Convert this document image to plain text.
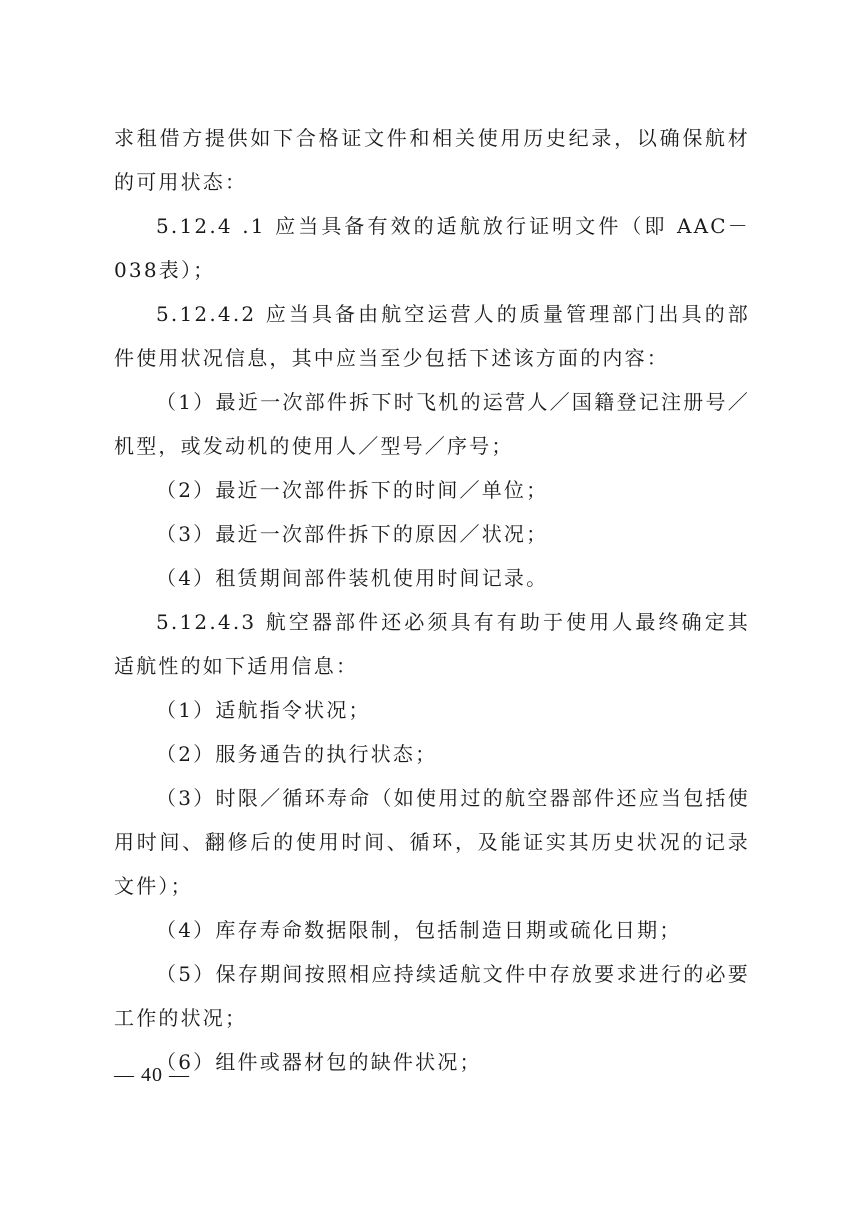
求租借方提供如下合格证文件和相关使用历史纪录，以确保航材的可用状态：

5.12.4 .1 应当具备有效的适航放行证明文件（即 AAC－038表）；

5.12.4.2 应当具备由航空运营人的质量管理部门出具的部件使用状况信息，其中应当至少包括下述该方面的内容：

（1）最近一次部件拆下时飞机的运营人／国籍登记注册号／机型，或发动机的使用人／型号／序号；

（2）最近一次部件拆下的时间／单位；

（3）最近一次部件拆下的原因／状况；

（4）租赁期间部件装机使用时间记录。

5.12.4.3 航空器部件还必须具有有助于使用人最终确定其适航性的如下适用信息：

（1）适航指令状况；

（2）服务通告的执行状态；

（3）时限／循环寿命（如使用过的航空器部件还应当包括使用时间、翻修后的使用时间、循环，及能证实其历史状况的记录文件）；

（4）库存寿命数据限制，包括制造日期或硫化日期；

（5）保存期间按照相应持续适航文件中存放要求进行的必要工作的状况；

（6）组件或器材包的缺件状况；

— 40 —
